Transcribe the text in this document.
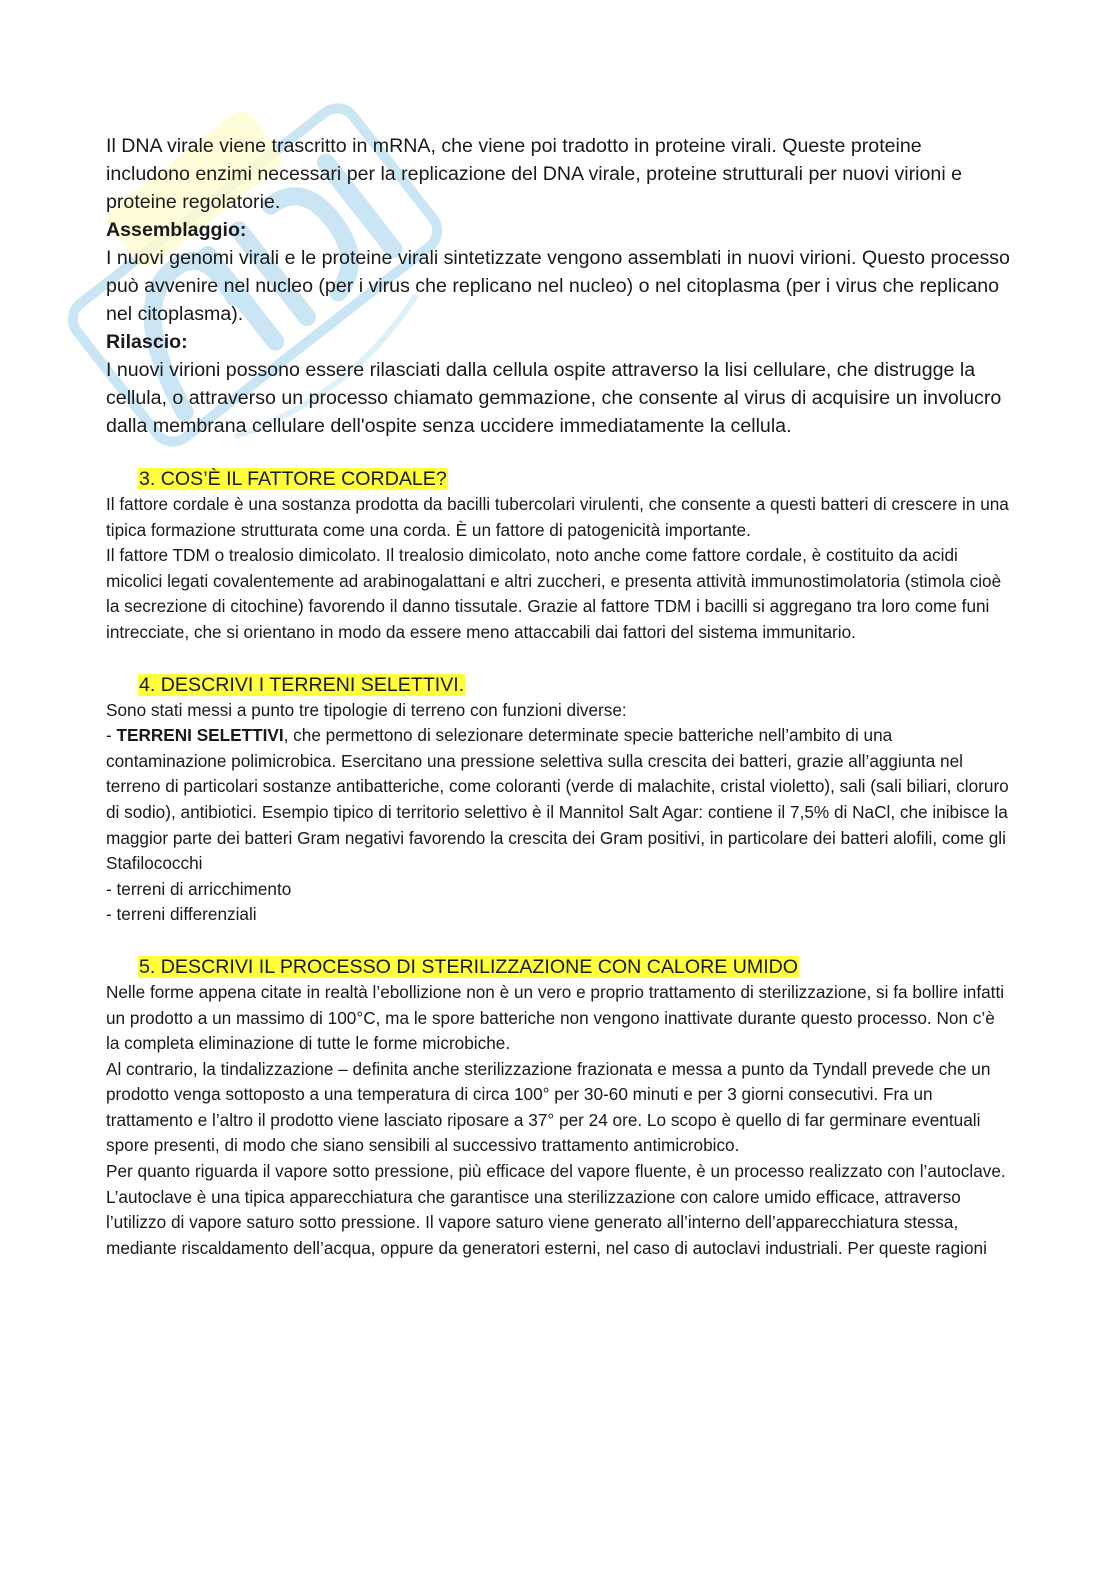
Il DNA virale viene trascritto in mRNA, che viene poi tradotto in proteine virali. Queste proteine includono enzimi necessari per la replicazione del DNA virale, proteine strutturali per nuovi virioni e proteine regolatorie.

Assemblaggio:

I nuovi genomi virali e le proteine virali sintetizzate vengono assemblati in nuovi virioni. Questo processo può avvenire nel nucleo (per i virus che replicano nel nucleo) o nel citoplasma (per i virus che replicano nel citoplasma).

Rilascio:

I nuovi virioni possono essere rilasciati dalla cellula ospite attraverso la lisi cellulare, che distrugge la cellula, o attraverso un processo chiamato gemmazione, che consente al virus di acquisire un involucro dalla membrana cellulare dell'ospite senza uccidere immediatamente la cellula.

3. COS’È IL FATTORE CORDALE?

Il fattore cordale è una sostanza prodotta da bacilli tubercolari virulenti, che consente a questi batteri di crescere in una tipica formazione strutturata come una corda. È un fattore di patogenicità importante.

Il fattore TDM o trealosio dimicolato. Il trealosio dimicolato, noto anche come fattore cordale, è costituito da acidi micolici legati covalentemente ad arabinogalattani e altri zuccheri, e presenta attività immunostimolatoria (stimola cioè la secrezione di citochine) favorendo il danno tissutale. Grazie al fattore TDM i bacilli si aggregano tra loro come funi intrecciate, che si orientano in modo da essere meno attaccabili dai fattori del sistema immunitario.

4. DESCRIVI I TERRENI SELETTIVI.

Sono stati messi a punto tre tipologie di terreno con funzioni diverse:

- TERRENI SELETTIVI, che permettono di selezionare determinate specie batteriche nell’ambito di una contaminazione polimicrobica. Esercitano una pressione selettiva sulla crescita dei batteri, grazie all’aggiunta nel terreno di particolari sostanze antibatteriche, come coloranti (verde di malachite, cristal violetto), sali (sali biliari, cloruro di sodio), antibiotici. Esempio tipico di territorio selettivo è il Mannitol Salt Agar: contiene il 7,5% di NaCl, che inibisce la maggior parte dei batteri Gram negativi favorendo la crescita dei Gram positivi, in particolare dei batteri alofili, come gli Stafilococchi

- terreni di arricchimento

- terreni differenziali

5. DESCRIVI IL PROCESSO DI STERILIZZAZIONE CON CALORE UMIDO

Nelle forme appena citate in realtà l’ebollizione non è un vero e proprio trattamento di sterilizzazione, si fa bollire infatti un prodotto a un massimo di 100°C, ma le spore batteriche non vengono inattivate durante questo processo. Non c’è la completa eliminazione di tutte le forme microbiche.

Al contrario, la tindalizzazione – definita anche sterilizzazione frazionata e messa a punto da Tyndall prevede che un prodotto venga sottoposto a una temperatura di circa 100° per 30-60 minuti e per 3 giorni consecutivi. Fra un trattamento e l’altro il prodotto viene lasciato riposare a 37° per 24 ore. Lo scopo è quello di far germinare eventuali spore presenti, di modo che siano sensibili al successivo trattamento antimicrobico.

Per quanto riguarda il vapore sotto pressione, più efficace del vapore fluente, è un processo realizzato con l’autoclave. L’autoclave è una tipica apparecchiatura che garantisce una sterilizzazione con calore umido efficace, attraverso l’utilizzo di vapore saturo sotto pressione. Il vapore saturo viene generato all’interno dell’apparecchiatura stessa, mediante riscaldamento dell’acqua, oppure da generatori esterni, nel caso di autoclavi industriali. Per queste ragioni
